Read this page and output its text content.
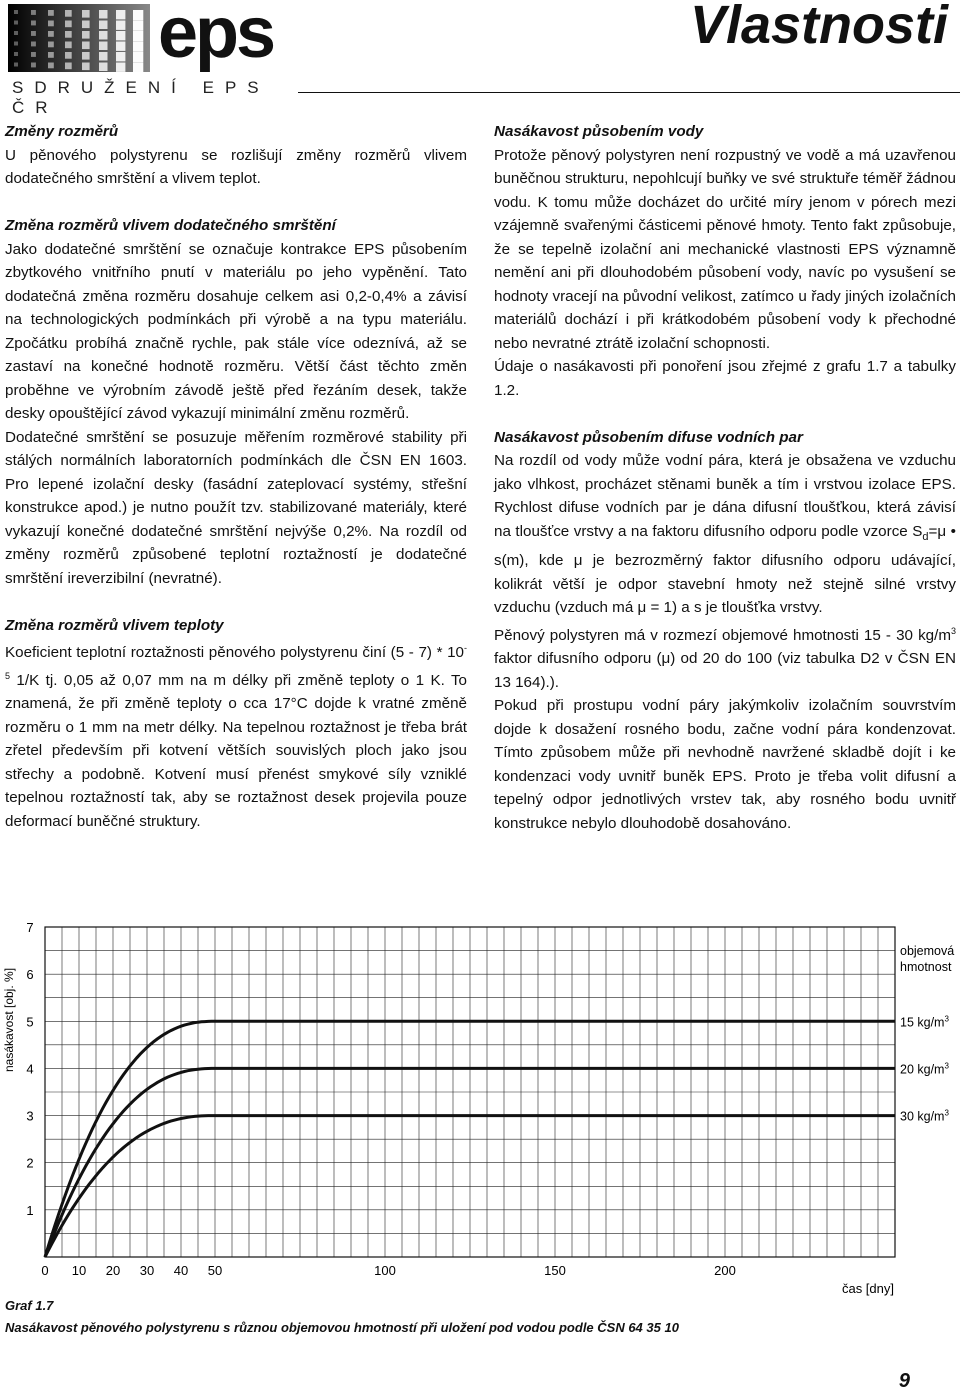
eps
SDRUŽENÍ EPS ČR
Vlastnosti
Změny rozměrů

U pěnového polystyrenu se rozlišují změny rozměrů vlivem dodatečného smrštění a vlivem teplot.

Změna rozměrů vlivem dodatečného smrštění

Jako dodatečné smrštění se označuje kontrakce EPS působením zbytkového vnitřního pnutí v materiálu po jeho vypěnění. Tato dodatečná změna rozměru dosahuje celkem asi 0,2-0,4% a závisí na technologických podmínkách při výrobě a na typu materiálu. Zpočátku probíhá značně rychle, pak stále více odeznívá, až se zastaví na konečné hodnotě rozměru. Větší část těchto změn proběhne ve výrobním závodě ještě před řezáním desek, takže desky opouštějící závod vykazují minimální změnu rozměrů.

Dodatečné smrštění se posuzuje měřením rozměrové stability při stálých normálních laboratorních podmínkách dle ČSN EN 1603. Pro lepené izolační desky (fasádní zateplovací systémy, střešní konstrukce apod.) je nutno použít tzv. stabilizované materiály, které vykazují konečné dodatečné smrštění nejvýše 0,2%. Na rozdíl od změny rozměrů způsobené teplotní roztažností je dodatečné smrštění ireverzibilní (nevratné).

Změna rozměrů vlivem teploty

Koeficient teplotní roztažnosti pěnového polystyrenu činí $(5 - 7) * 10^{-5}$ 1/K tj. 0,05 až 0,07 mm na m délky při změně teploty o 1 K. To znamená, že při změně teploty o cca 17°C dojde k vratné změně rozměru o 1 mm na metr délky. Na tepelnou roztažnost je třeba brát zřetel především při kotvení větších souvislých ploch jako jsou střechy a podobně. Kotvení musí přenést smykové síly vzniklé tepelnou roztažností tak, aby se roztažnost desek projevila pouze deformací buněčné struktury.

Nasákavost působením vody

Protože pěnový polystyren není rozpustný ve vodě a má uzavřenou buněčnou strukturu, nepohlcují buňky ve své struktuře téměř žádnou vodu. K tomu může docházet do určité míry jenom v pórech mezi vzájemně svařenými částicemi pěnové hmoty. Tento fakt způsobuje, že se tepelně izolační ani mechanické vlastnosti EPS významně nemění ani při dlouhodobém působení vody, navíc po vysušení se hodnoty vracejí na původní velikost, zatímco u řady jiných izolačních materiálů dochází i při krátkodobém působení vody k přechodné nebo nevratné ztrátě izolační schopnosti.

Údaje o nasákavosti při ponoření jsou zřejmé z grafu 1.7 a tabulky 1.2.

Nasákavost působením difuse vodních par

Na rozdíl od vody může vodní pára, která je obsažena ve vzduchu jako vlhkost, procházet stěnami buněk a tím i vrstvou izolace EPS. Rychlost difuse vodních par je dána difusní tloušťkou, která závisí na tloušťce vrstvy a na faktoru difusního odporu podle vzorce $S_d=\mu$ • s(m), kde μ je bezrozměrný faktor difusního odporu udávající, kolikrát větší je odpor stavební hmoty než stejně silné vrstvy vzduchu (vzduch má μ = 1) a s je tloušťka vrstvy.

Pěnový polystyren má v rozmezí objemové hmotnosti 15 - 30 $kg/m^3$ faktor difusního odporu (μ) od 20 do 100 (viz tabulka D2 v ČSN EN 13 164).).

Pokud při prostupu vodní páry jakýmkoliv izolačním souvrstvím dojde k dosažení rosného bodu, začne vodní pára kondenzovat. Tímto způsobem může při nevhodně navržené skladbě dojít i ke kondenzaci vody uvnitř buněk EPS. Proto je třeba volit difusní a tepelný odpor jednotlivých vrstev tak, aby rosného bodu uvnitř konstrukce nebylo dlouhodobě dosahováno.

1
2
3
4
5
6
7
0 10 20 30 40 50	100	150	200
objemová
hmotnost
15 $kg/m^3$
20 $kg/m^3$
30 $kg/m^3$
nasákavost [obj. %]
čas [dny]
Graf 1.7
Nasákavost pěnového polystyrenu s různou objemovou hmotností při uložení pod vodou podle ČSN 64 35 10
9
